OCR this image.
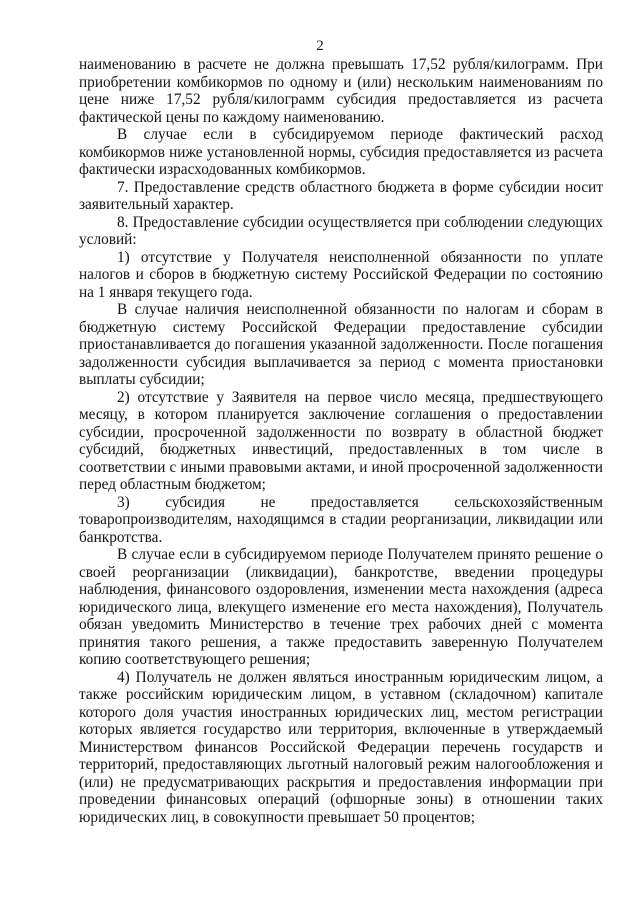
2

наименованию в расчете не должна превышать 17,52 рубля/килограмм. При приобретении комбикормов по одному и (или) нескольким наименованиям по цене ниже 17,52 рубля/килограмм субсидия предоставляется из расчета фактической цены по каждому наименованию.

В случае если в субсидируемом периоде фактический расход комбикормов ниже установленной нормы, субсидия предоставляется из расчета фактически израсходованных комбикормов.

7. Предоставление средств областного бюджета в форме субсидии носит заявительный характер.

8. Предоставление субсидии осуществляется при соблюдении следующих условий:

1) отсутствие у Получателя неисполненной обязанности по уплате налогов и сборов в бюджетную систему Российской Федерации по состоянию на 1 января текущего года.

В случае наличия неисполненной обязанности по налогам и сборам в бюджетную систему Российской Федерации предоставление субсидии приостанавливается до погашения указанной задолженности. После погашения задолженности субсидия выплачивается за период с момента приостановки выплаты субсидии;

2) отсутствие у Заявителя на первое число месяца, предшествующего месяцу, в котором планируется заключение соглашения о предоставлении субсидии, просроченной задолженности по возврату в областной бюджет субсидий, бюджетных инвестиций, предоставленных в том числе в соответствии с иными правовыми актами, и иной просроченной задолженности перед областным бюджетом;

3) субсидия не предоставляется сельскохозяйственным товаропроизводителям, находящимся в стадии реорганизации, ликвидации или банкротства.

В случае если в субсидируемом периоде Получателем принято решение о своей реорганизации (ликвидации), банкротстве, введении процедуры наблюдения, финансового оздоровления, изменении места нахождения (адреса юридического лица, влекущего изменение его места нахождения), Получатель обязан уведомить Министерство в течение трех рабочих дней с момента принятия такого решения, а также предоставить заверенную Получателем копию соответствующего решения;

4) Получатель не должен являться иностранным юридическим лицом, а также российским юридическим лицом, в уставном (складочном) капитале которого доля участия иностранных юридических лиц, местом регистрации которых является государство или территория, включенные в утверждаемый Министерством финансов Российской Федерации перечень государств и территорий, предоставляющих льготный налоговый режим налогообложения и (или) не предусматривающих раскрытия и предоставления информации при проведении финансовых операций (офшорные зоны) в отношении таких юридических лиц, в совокупности превышает 50 процентов;
